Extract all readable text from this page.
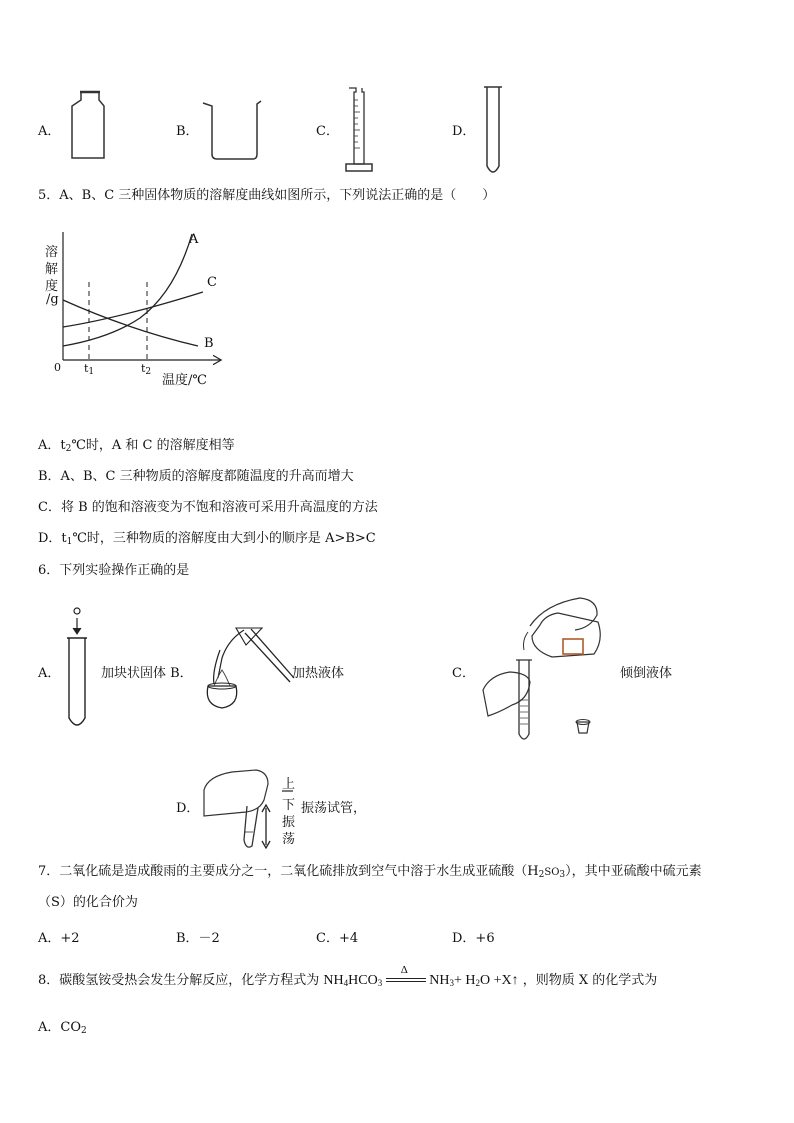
A．	B．	C．	D．
5．A、B、C 三种固体物质的溶解度曲线如图所示，下列说法正确的是（　　）
溶
解
度
/g
0 $t_1$	$t_2$
温度/℃
A
C
B
A．$t_2℃$时，A 和 C 的溶解度相等
B．A、B、C 三种物质的溶解度都随温度的升高而增大
C．将 B 的饱和溶液变为不饱和溶液可采用升高温度的方法
D．$t_1℃$时，三种物质的溶解度由大到小的顺序是 A>B>C
6．下列实验操作正确的是
A．	加块状固体 B．	加热液体	C．	倾倒液体
D．
上
下
振
荡
振荡试管，
7．二氧化硫是造成酸雨的主要成分之一，二氧化硫排放到空气中溶于水生成亚硫酸$(H_2SO_3)$，其中亚硫酸中硫元素
（S）的化合价为
A．+2	B．－2	C．+4	D．+6
8．碳酸氢铵受热会发生分解反应，化学方程式为 $NH_4HCO_3$
Δ
$NH_3+ H_2O$ +X↑ ，则物质 X 的化学式为
A．$CO_2$
